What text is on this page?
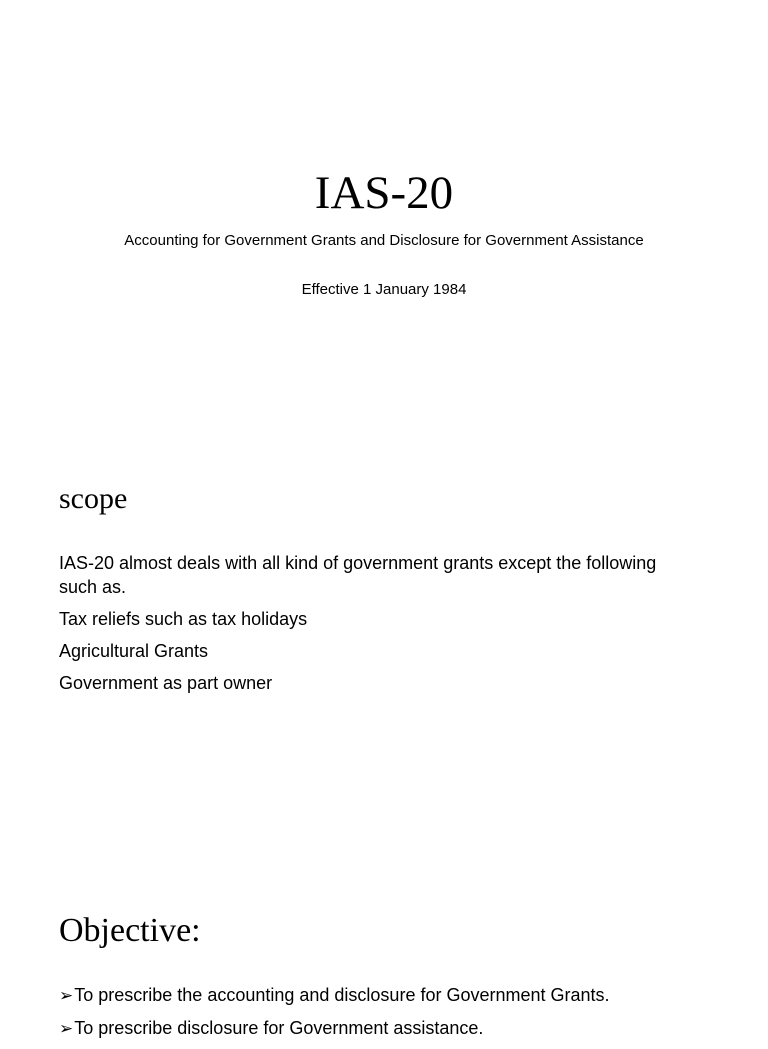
IAS-20

Accounting for Government Grants and Disclosure for Government Assistance

Effective 1 January 1984

scope
IAS-20 almost deals with all kind of government grants except the following such as.
Tax reliefs such as tax holidays
Agricultural Grants
Government as part owner
Objective:
➢To prescribe the accounting and disclosure for Government Grants.
➢To prescribe disclosure for Government assistance.
